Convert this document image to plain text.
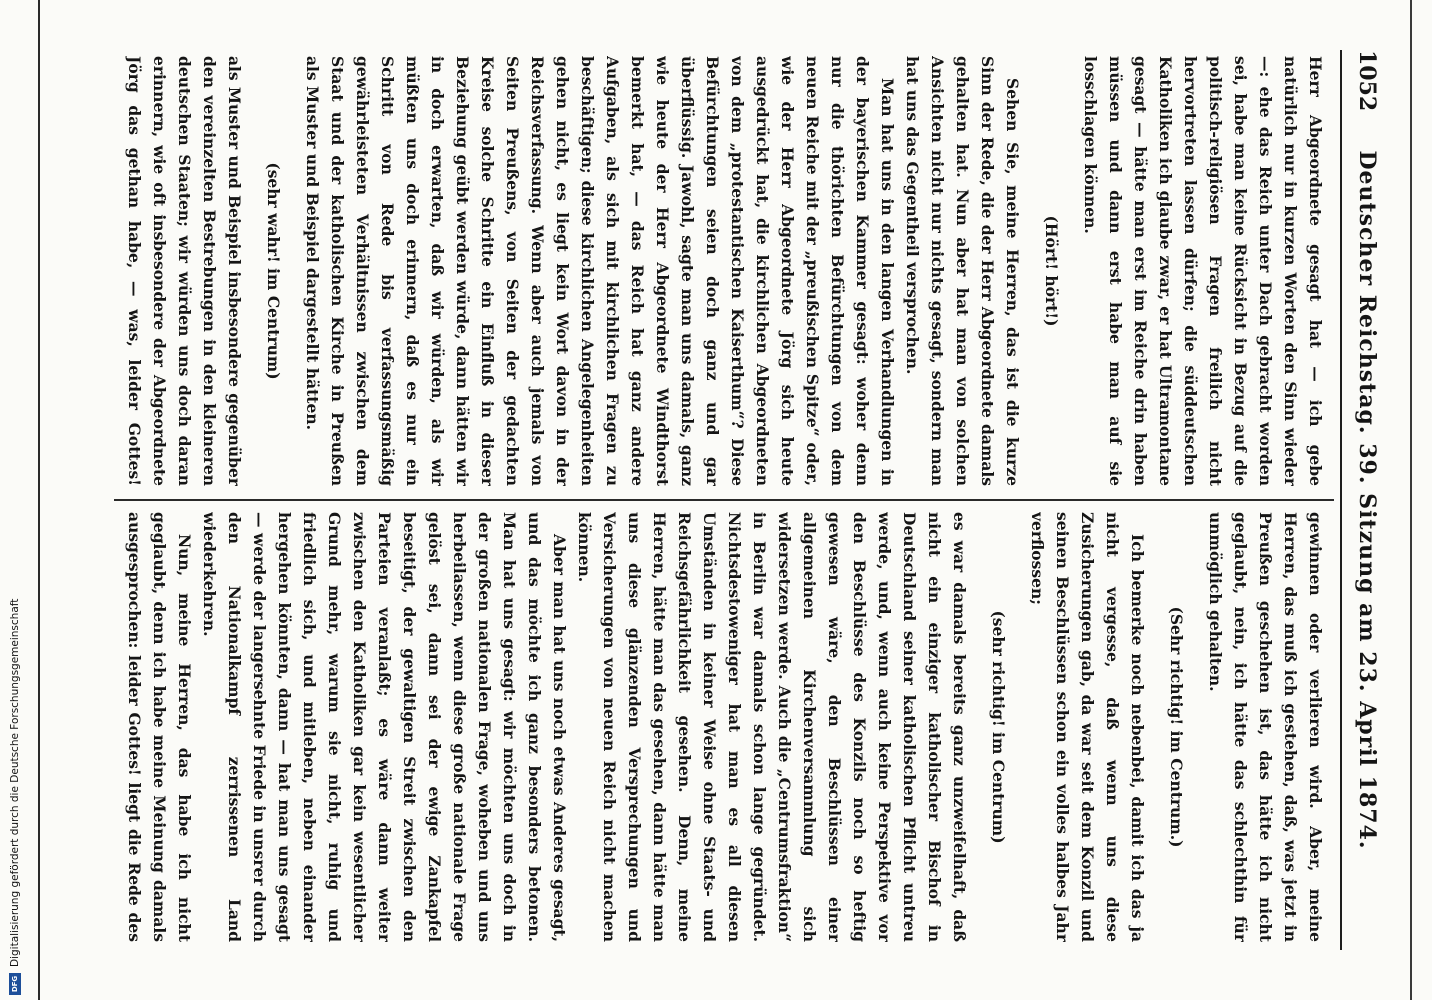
1052
Deutscher Reichstag. 39. Sitzung am 23. April 1874.

Herr Abgeordnete gesagt hat — ich gebe natürlich nur in kurzen Worten den Sinn wieder —: ehe das Reich unter Dach gebracht worden sei, habe man keine Rücksicht in Bezug auf die politisch-religiösen Fragen freilich nicht hervortreten lassen dürfen; die süddeutschen Katholiken ich glaube zwar, er hat Ultramontane gesagt — hätte man erst im Reiche drin haben müssen und dann erst habe man auf sie losschlagen können.

(Hört! hört!)

Sehen Sie, meine Herren, das ist die kurze Sinn der Rede, die der Herr Abgeordnete damals gehalten hat. Nun aber hat man von solchen Ansichten nicht nur nichts gesagt, sondern man hat uns das Gegentheil versprochen.

Man hat uns in den langen Verhandlungen in der bayerischen Kammer gesagt: woher denn nur die thörichten Befürchtungen von dem neuen Reiche mit der „preußischen Spitze“ oder, wie der Herr Abgeordnete Jörg sich heute ausgedrückt hat, die kirchlichen Abgeordneten von dem „protestantischen Kaiserthum“? Diese Befürchtungen seien doch ganz und gar überflüssig. Jawohl, sagte man uns damals, ganz wie heute der Herr Abgeordnete Windthorst bemerkt hat, — das Reich hat ganz andere Aufgaben, als sich mit kirchlichen Fragen zu beschäftigen; diese kirchlichen Angelegenheiten gehen nicht, es liegt kein Wort davon in der Reichsverfassung. Wenn aber auch jemals von Seiten Preußens, von Seiten der gedachten Kreise solche Schritte ein Einfluß in dieser Beziehung geübt werden würde, dann hätten wir in doch erwarten, daß wir würden, als wir müßten uns doch erinnern, daß es nur ein Schritt von Rede bis verfassungsmäßig gewährleisteten Verhältnissen zwischen dem Staat und der katholischen Kirche in Preußen als Muster und Beispiel dargestellt hätten.

(sehr wahr! im Centrum)

als Muster und Beispiel insbesondere gegenüber den vereinzelten Bestrebungen in den kleineren deutschen Staaten; wir würden uns doch daran erinnern, wie oft insbesondere der Abgeordnete Jörg das gethan habe, — was, leider Gottes!

gewinnen oder verlieren wird. Aber, meine Herren, das muß ich gestehen, daß, was jetzt in Preußen geschehen ist, das hätte ich nicht geglaubt, nein, ich hätte das schlechthin für unmöglich gehalten.

(Sehr richtig! im Centrum.)

Ich bemerke noch nebenbei, damit ich das ja nicht vergesse, daß wenn uns diese Zusicherungen gab, da war seit dem Konzil und seinen Beschlüssen schon ein volles halbes Jahr verflossen;

(sehr richtig! im Centrum)

es war damals bereits ganz unzweifelhaft, daß nicht ein einziger katholischer Bischof in Deutschland seiner katholischen Pflicht untreu werde, und, wenn auch keine Perspektive vor den Beschlüsse des Konzils noch so heftig gewesen wäre, den Beschlüssen einer allgemeinen Kirchenversammlung sich widersetzen werde. Auch die „Centrumsfraktion“ in Berlin war damals schon lange gegründet. Nichtsdestoweniger hat man es all diesen Umständen in keiner Weise ohne Staats- und Reichsgefährlichkeit gesehen. Denn, meine Herren, hätte man das gesehen, dann hätte man uns diese glänzenden Versprechungen und Versicherungen von neuen Reich nicht machen können.

Aber man hat uns noch etwas Anderes gesagt, und das möchte ich ganz besonders betonen. Man hat uns gesagt: wir möchten uns doch in der großen nationalen Frage, woheben und uns herbeilassen, wenn diese große nationale Frage gelöst sei, dann sei der ewige Zankapfel beseitigt, der gewaltigen Streit zwischen den Parteien veranlaßt; es wäre dann weiter zwischen den Katholiken gar kein wesentlicher Grund mehr, warum sie nicht, ruhig und friedlich sich, und mitleben, neben einander hergehen könnten, dann — hat man uns gesagt — werde der langersehnte Friede in unsrer durch den Nationalkampf zerrissenen Land wiederkehren.

Nun, meine Herren, das habe ich nicht geglaubt, denn ich habe meine Meinung damals ausgesprochen: leider Gottes! liegt die Rede des

DFGDigitalisierung gefördert durch die Deutsche Forschungsgemeinschaft
